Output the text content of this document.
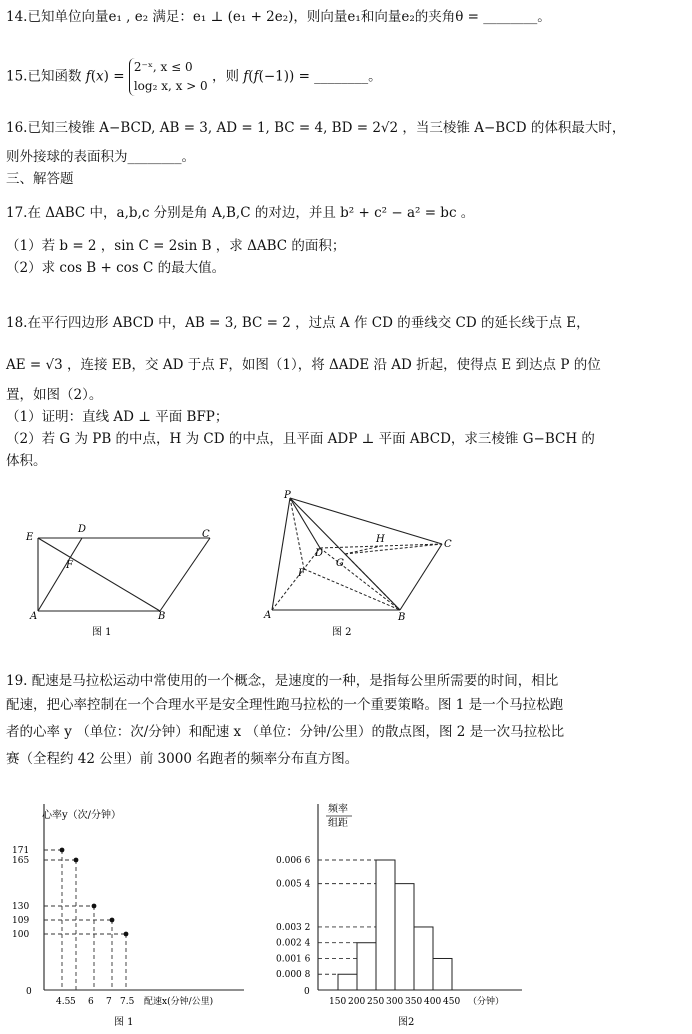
14.已知单位向量e₁ , e₂ 满足：e₁ ⊥ (e₁ + 2e₂)，则向量e₁和向量e₂的夹角θ = ________。
15.已知函数 f(x) =
2⁻ˣ, x ≤ 0
log₂ x, x > 0
，则 f(f(−1)) = ________。
16.已知三棱锥 A−BCD, AB = 3, AD = 1, BC = 4, BD = 2√2 ，当三棱锥 A−BCD 的体积最大时，
则外接球的表面积为________。
三、解答题
17.在 ΔABC 中，a,b,c 分别是角 A,B,C 的对边，并且 b² + c² − a² = bc 。
（1）若 b = 2 ，sin C = 2sin B ，求 ΔABC 的面积；
（2）求 cos B + cos C 的最大值。
18.在平行四边形 ABCD 中，AB = 3, BC = 2 ，过点 A 作 CD 的垂线交 CD 的延长线于点 E，
AE = √3 ，连接 EB，交 AD 于点 F，如图（1），将 ΔADE 沿 AD 折起，使得点 E 到达点 P 的位
置，如图（2）。
（1）证明：直线 AD ⊥ 平面 BFP；
（2）若 G 为 PB 的中点，H 为 CD 的中点，且平面 ADP ⊥ 平面 ABCD，求三棱锥 G−BCH 的
体积。
E
D	C
F
A	B
图 1
P
D
H	C
G
F
A	B
图 2
19. 配速是马拉松运动中常使用的一个概念，是速度的一种，是指每公里所需要的时间，相比
配速，把心率控制在一个合理水平是安全理性跑马拉松的一个重要策略。图 1 是一个马拉松跑
者的心率 y （单位：次/分钟）和配速 x （单位：分钟/公里）的散点图，图 2 是一次马拉松比
赛（全程约 42 公里）前 3000 名跑者的频率分布直方图。
171
165
130
109
100
4.5 5 6 7 7.5
心率y（次/分钟）
配速x(分钟/公里)
0
图 1
0.006 6
0.005 4
0.003 2
0.002 4
0.001 6
0.000 8
150 200 250 300 350 400 450
频率
组距
（分钟）
0
图2
